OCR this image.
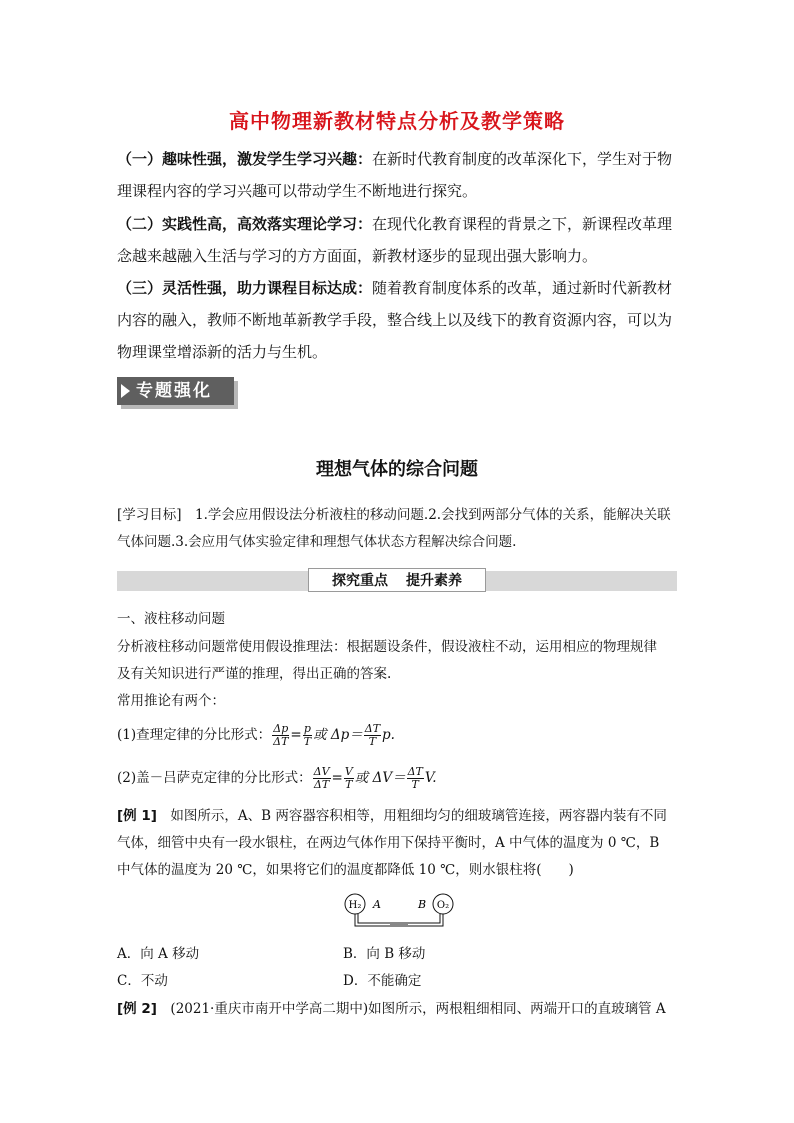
高中物理新教材特点分析及教学策略
（一）趣味性强，激发学生学习兴趣：在新时代教育制度的改革深化下，学生对于物理课程内容的学习兴趣可以带动学生不断地进行探究。
（二）实践性高，高效落实理论学习：在现代化教育课程的背景之下，新课程改革理念越来越融入生活与学习的方方面面，新教材逐步的显现出强大影响力。
（三）灵活性强，助力课程目标达成：随着教育制度体系的改革，通过新时代新教材内容的融入，教师不断地革新教学手段，整合线上以及线下的教育资源内容，可以为物理课堂增添新的活力与生机。
专题强化
理想气体的综合问题
[学习目标]　1.学会应用假设法分析液柱的移动问题.2.会找到两部分气体的关系，能解决关联气体问题.3.会应用气体实验定律和理想气体状态方程解决综合问题.
探究重点 提升素养
一、液柱移动问题
分析液柱移动问题常使用假设推理法：根据题设条件，假设液柱不动，运用相应的物理规律
及有关知识进行严谨的推理，得出正确的答案.
常用推论有两个：
(1)查理定律的分比形式： $\frac{\Delta p}{\Delta T} = \frac{p}{T}$ 或 $\Delta p= \frac{\Delta T}{T} p$.
(2)盖－吕萨克定律的分比形式： $\frac{\Delta V}{\Delta T} = \frac{V}{T}$ 或 $\Delta V= \frac{\Delta T}{T} V$.
[例 1]　如图所示，A、B 两容器容积相等，用粗细均匀的细玻璃管连接，两容器内装有不同
气体，细管中央有一段水银柱，在两边气体作用下保持平衡时，A 中气体的温度为 0 ℃，B
中气体的温度为 20 ℃，如果将它们的温度都降低 10 ℃，则水银柱将(　　)
H₂ A	B O₂
A．向 A 移动	B．向 B 移动
C．不动	D．不能确定
[例 2]　(2021·重庆市南开中学高二期中)如图所示，两根粗细相同、两端开口的直玻璃管 A
